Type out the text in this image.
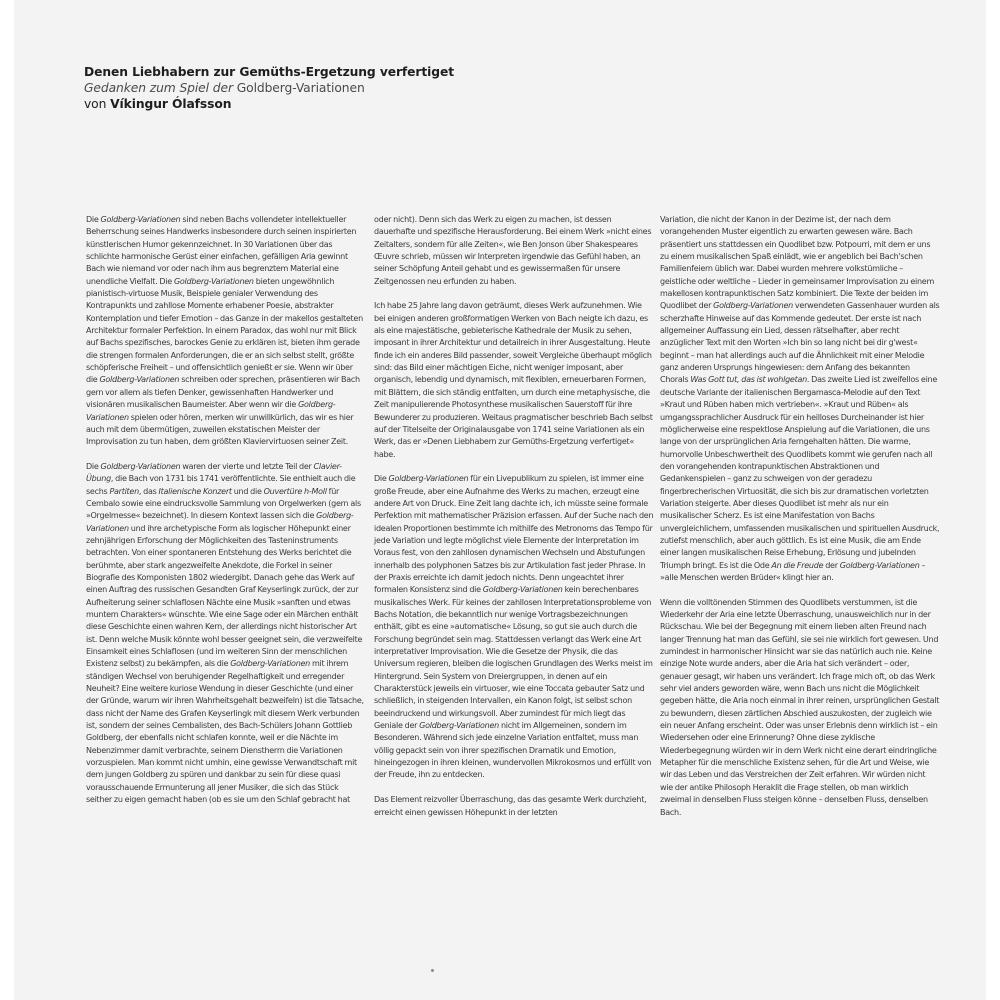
Denen Liebhabern zur Gemüths-Ergetzung verfertiget
Gedanken zum Spiel der Goldberg-Variationen
von Víkingur Ólafsson

Die Goldberg-Variationen sind neben Bachs vollendeter intellektueller Beherrschung seines Handwerks insbesondere durch seinen inspirierten künstlerischen Humor gekennzeichnet. In 30 Variationen über das schlichte harmonische Gerüst einer einfachen, gefälligen Aria gewinnt Bach wie niemand vor oder nach ihm aus begrenztem Material eine unendliche Vielfalt. Die Goldberg-Variationen bieten ungewöhnlich pianistisch-virtuose Musik, Beispiele genialer Verwendung des Kontrapunkts und zahllose Momente erhabener Poesie, abstrakter Kontemplation und tiefer Emotion – das Ganze in der makellos gestalteten Architektur formaler Perfektion. In einem Paradox, das wohl nur mit Blick auf Bachs spezifisches, barockes Genie zu erklären ist, bieten ihm gerade die strengen formalen Anforderungen, die er an sich selbst stellt, größte schöpferische Freiheit – und offensichtlich genießt er sie. Wenn wir über die Goldberg-Variationen schreiben oder sprechen, präsentieren wir Bach gern vor allem als tiefen Denker, gewissenhaften Handwerker und visionären musikalischen Baumeister. Aber wenn wir die Goldberg-Variationen spielen oder hören, merken wir unwillkürlich, das wir es hier auch mit dem übermütigen, zuweilen ekstatischen Meister der Improvisation zu tun haben, dem größten Klaviervirtuosen seiner Zeit.

Die Goldberg-Variationen waren der vierte und letzte Teil der Clavier-Übung, die Bach von 1731 bis 1741 veröffentlichte. Sie enthielt auch die sechs Partiten, das Italienische Konzert und die Ouvertüre h-Moll für Cembalo sowie eine eindrucksvolle Sammlung von Orgelwerken (gern als »Orgelmesse« bezeichnet). In diesem Kontext lassen sich die Goldberg-Variationen und ihre archetypische Form als logischer Höhepunkt einer zehnjährigen Erforschung der Möglichkeiten des Tasteninstruments betrachten. Von einer spontaneren Entstehung des Werks berichtet die berühmte, aber stark angezweifelte Anekdote, die Forkel in seiner Biografie des Komponisten 1802 wiedergibt. Danach gehe das Werk auf einen Auftrag des russischen Gesandten Graf Keyserlingk zurück, der zur Aufheiterung seiner schlaflosen Nächte eine Musik »sanften und etwas muntern Charakters« wünschte. Wie eine Sage oder ein Märchen enthält diese Geschichte einen wahren Kern, der allerdings nicht historischer Art ist. Denn welche Musik könnte wohl besser geeignet sein, die verzweifelte Einsamkeit eines Schlaflosen (und im weiteren Sinn der menschlichen Existenz selbst) zu bekämpfen, als die Goldberg-Variationen mit ihrem ständigen Wechsel von beruhigender Regelhaftigkeit und erregender Neuheit? Eine weitere kuriose Wendung in dieser Geschichte (und einer der Gründe, warum wir ihren Wahrheitsgehalt bezweifeln) ist die Tatsache, dass nicht der Name des Grafen Keyserlingk mit diesem Werk verbunden ist, sondern der seines Cembalisten, des Bach-Schülers Johann Gottlieb Goldberg, der ebenfalls nicht schlafen konnte, weil er die Nächte im Nebenzimmer damit verbrachte, seinem Dienstherrn die Variationen vorzuspielen. Man kommt nicht umhin, eine gewisse Verwandtschaft mit dem jungen Goldberg zu spüren und dankbar zu sein für diese quasi vorausschauende Ermunterung all jener Musiker, die sich das Stück seither zu eigen gemacht haben (ob es sie um den Schlaf gebracht hat

oder nicht). Denn sich das Werk zu eigen zu machen, ist dessen dauerhafte und spezifische Herausforderung. Bei einem Werk »nicht eines Zeitalters, sondern für alle Zeiten«, wie Ben Jonson über Shakespeares Œuvre schrieb, müssen wir Interpreten irgendwie das Gefühl haben, an seiner Schöpfung Anteil gehabt und es gewissermaßen für unsere Zeitgenossen neu erfunden zu haben.

Ich habe 25 Jahre lang davon geträumt, dieses Werk aufzunehmen. Wie bei einigen anderen großformatigen Werken von Bach neigte ich dazu, es als eine majestätische, gebieterische Kathedrale der Musik zu sehen, imposant in ihrer Architektur und detailreich in ihrer Ausgestaltung. Heute finde ich ein anderes Bild passender, soweit Vergleiche überhaupt möglich sind: das Bild einer mächtigen Eiche, nicht weniger imposant, aber organisch, lebendig und dynamisch, mit flexiblen, erneuerbaren Formen, mit Blättern, die sich ständig entfalten, um durch eine metaphysische, die Zeit manipulierende Photosynthese musikalischen Sauerstoff für ihre Bewunderer zu produzieren. Weitaus pragmatischer beschrieb Bach selbst auf der Titelseite der Originalausgabe von 1741 seine Variationen als ein Werk, das er »Denen Liebhabern zur Gemüths-Ergetzung verfertiget« habe.

Die Goldberg-Variationen für ein Livepublikum zu spielen, ist immer eine große Freude, aber eine Aufnahme des Werks zu machen, erzeugt eine andere Art von Druck. Eine Zeit lang dachte ich, ich müsste seine formale Perfektion mit mathematischer Präzision erfassen. Auf der Suche nach den idealen Proportionen bestimmte ich mithilfe des Metronoms das Tempo für jede Variation und legte möglichst viele Elemente der Interpretation im Voraus fest, von den zahllosen dynamischen Wechseln und Abstufungen innerhalb des polyphonen Satzes bis zur Artikulation fast jeder Phrase. In der Praxis erreichte ich damit jedoch nichts. Denn ungeachtet ihrer formalen Konsistenz sind die Goldberg-Variationen kein berechenbares musikalisches Werk. Für keines der zahllosen Interpretationsprobleme von Bachs Notation, die bekanntlich nur wenige Vortragsbezeichnungen enthält, gibt es eine »automatische« Lösung, so gut sie auch durch die Forschung begründet sein mag. Stattdessen verlangt das Werk eine Art interpretativer Improvisation. Wie die Gesetze der Physik, die das Universum regieren, bleiben die logischen Grundlagen des Werks meist im Hintergrund. Sein System von Dreiergruppen, in denen auf ein Charakterstück jeweils ein virtuoser, wie eine Toccata gebauter Satz und schließlich, in steigenden Intervallen, ein Kanon folgt, ist selbst schon beeindruckend und wirkungsvoll. Aber zumindest für mich liegt das Geniale der Goldberg-Variationen nicht im Allgemeinen, sondern im Besonderen. Während sich jede einzelne Variation entfaltet, muss man völlig gepackt sein von ihrer spezifischen Dramatik und Emotion, hineingezogen in ihren kleinen, wundervollen Mikrokosmos und erfüllt von der Freude, ihn zu entdecken.

Das Element reizvoller Überraschung, das das gesamte Werk durchzieht, erreicht einen gewissen Höhepunkt in der letzten

Variation, die nicht der Kanon in der Dezime ist, der nach dem vorangehenden Muster eigentlich zu erwarten gewesen wäre. Bach präsentiert uns stattdessen ein Quodlibet bzw. Potpourri, mit dem er uns zu einem musikalischen Spaß einlädt, wie er angeblich bei Bach'schen Familienfeiern üblich war. Dabei wurden mehrere volkstümliche – geistliche oder weltliche – Lieder in gemeinsamer Improvisation zu einem makellosen kontrapunktischen Satz kombiniert. Die Texte der beiden im Quodlibet der Goldberg-Variationen verwendeten Gassenhauer wurden als scherzhafte Hinweise auf das Kommende gedeutet. Der erste ist nach allgemeiner Auffassung ein Lied, dessen rätselhafter, aber recht anzüglicher Text mit den Worten »Ich bin so lang nicht bei dir g'west« beginnt – man hat allerdings auch auf die Ähnlichkeit mit einer Melodie ganz anderen Ursprungs hingewiesen: dem Anfang des bekannten Chorals Was Gott tut, das ist wohlgetan. Das zweite Lied ist zweifellos eine deutsche Variante der italienischen Bergamasca-Melodie auf den Text »Kraut und Rüben haben mich vertrieben«. »Kraut und Rüben« als umgangssprachlicher Ausdruck für ein heilloses Durcheinander ist hier möglicherweise eine respektlose Anspielung auf die Variationen, die uns lange von der ursprünglichen Aria ferngehalten hätten. Die warme, humorvolle Unbeschwertheit des Quodlibets kommt wie gerufen nach all den vorangehenden kontrapunktischen Abstraktionen und Gedankenspielen – ganz zu schweigen von der geradezu fingerbrecherischen Virtuosität, die sich bis zur dramatischen vorletzten Variation steigerte. Aber dieses Quodlibet ist mehr als nur ein musikalischer Scherz. Es ist eine Manifestation von Bachs unvergleichlichem, umfassenden musikalischen und spirituellen Ausdruck, zutiefst menschlich, aber auch göttlich. Es ist eine Musik, die am Ende einer langen musikalischen Reise Erhebung, Erlösung und jubelnden Triumph bringt. Es ist die Ode An die Freude der Goldberg-Variationen – »alle Menschen werden Brüder« klingt hier an.

Wenn die volltönenden Stimmen des Quodlibets verstummen, ist die Wiederkehr der Aria eine letzte Überraschung, unausweichlich nur in der Rückschau. Wie bei der Begegnung mit einem lieben alten Freund nach langer Trennung hat man das Gefühl, sie sei nie wirklich fort gewesen. Und zumindest in harmonischer Hinsicht war sie das natürlich auch nie. Keine einzige Note wurde anders, aber die Aria hat sich verändert – oder, genauer gesagt, wir haben uns verändert. Ich frage mich oft, ob das Werk sehr viel anders geworden wäre, wenn Bach uns nicht die Möglichkeit gegeben hätte, die Aria noch einmal in ihrer reinen, ursprünglichen Gestalt zu bewundern, diesen zärtlichen Abschied auszukosten, der zugleich wie ein neuer Anfang erscheint. Oder was unser Erlebnis denn wirklich ist – ein Wiedersehen oder eine Erinnerung? Ohne diese zyklische Wiederbegegnung würden wir in dem Werk nicht eine derart eindringliche Metapher für die menschliche Existenz sehen, für die Art und Weise, wie wir das Leben und das Verstreichen der Zeit erfahren. Wir würden nicht wie der antike Philosoph Heraklit die Frage stellen, ob man wirklich zweimal in denselben Fluss steigen könne – denselben Fluss, denselben Bach.
